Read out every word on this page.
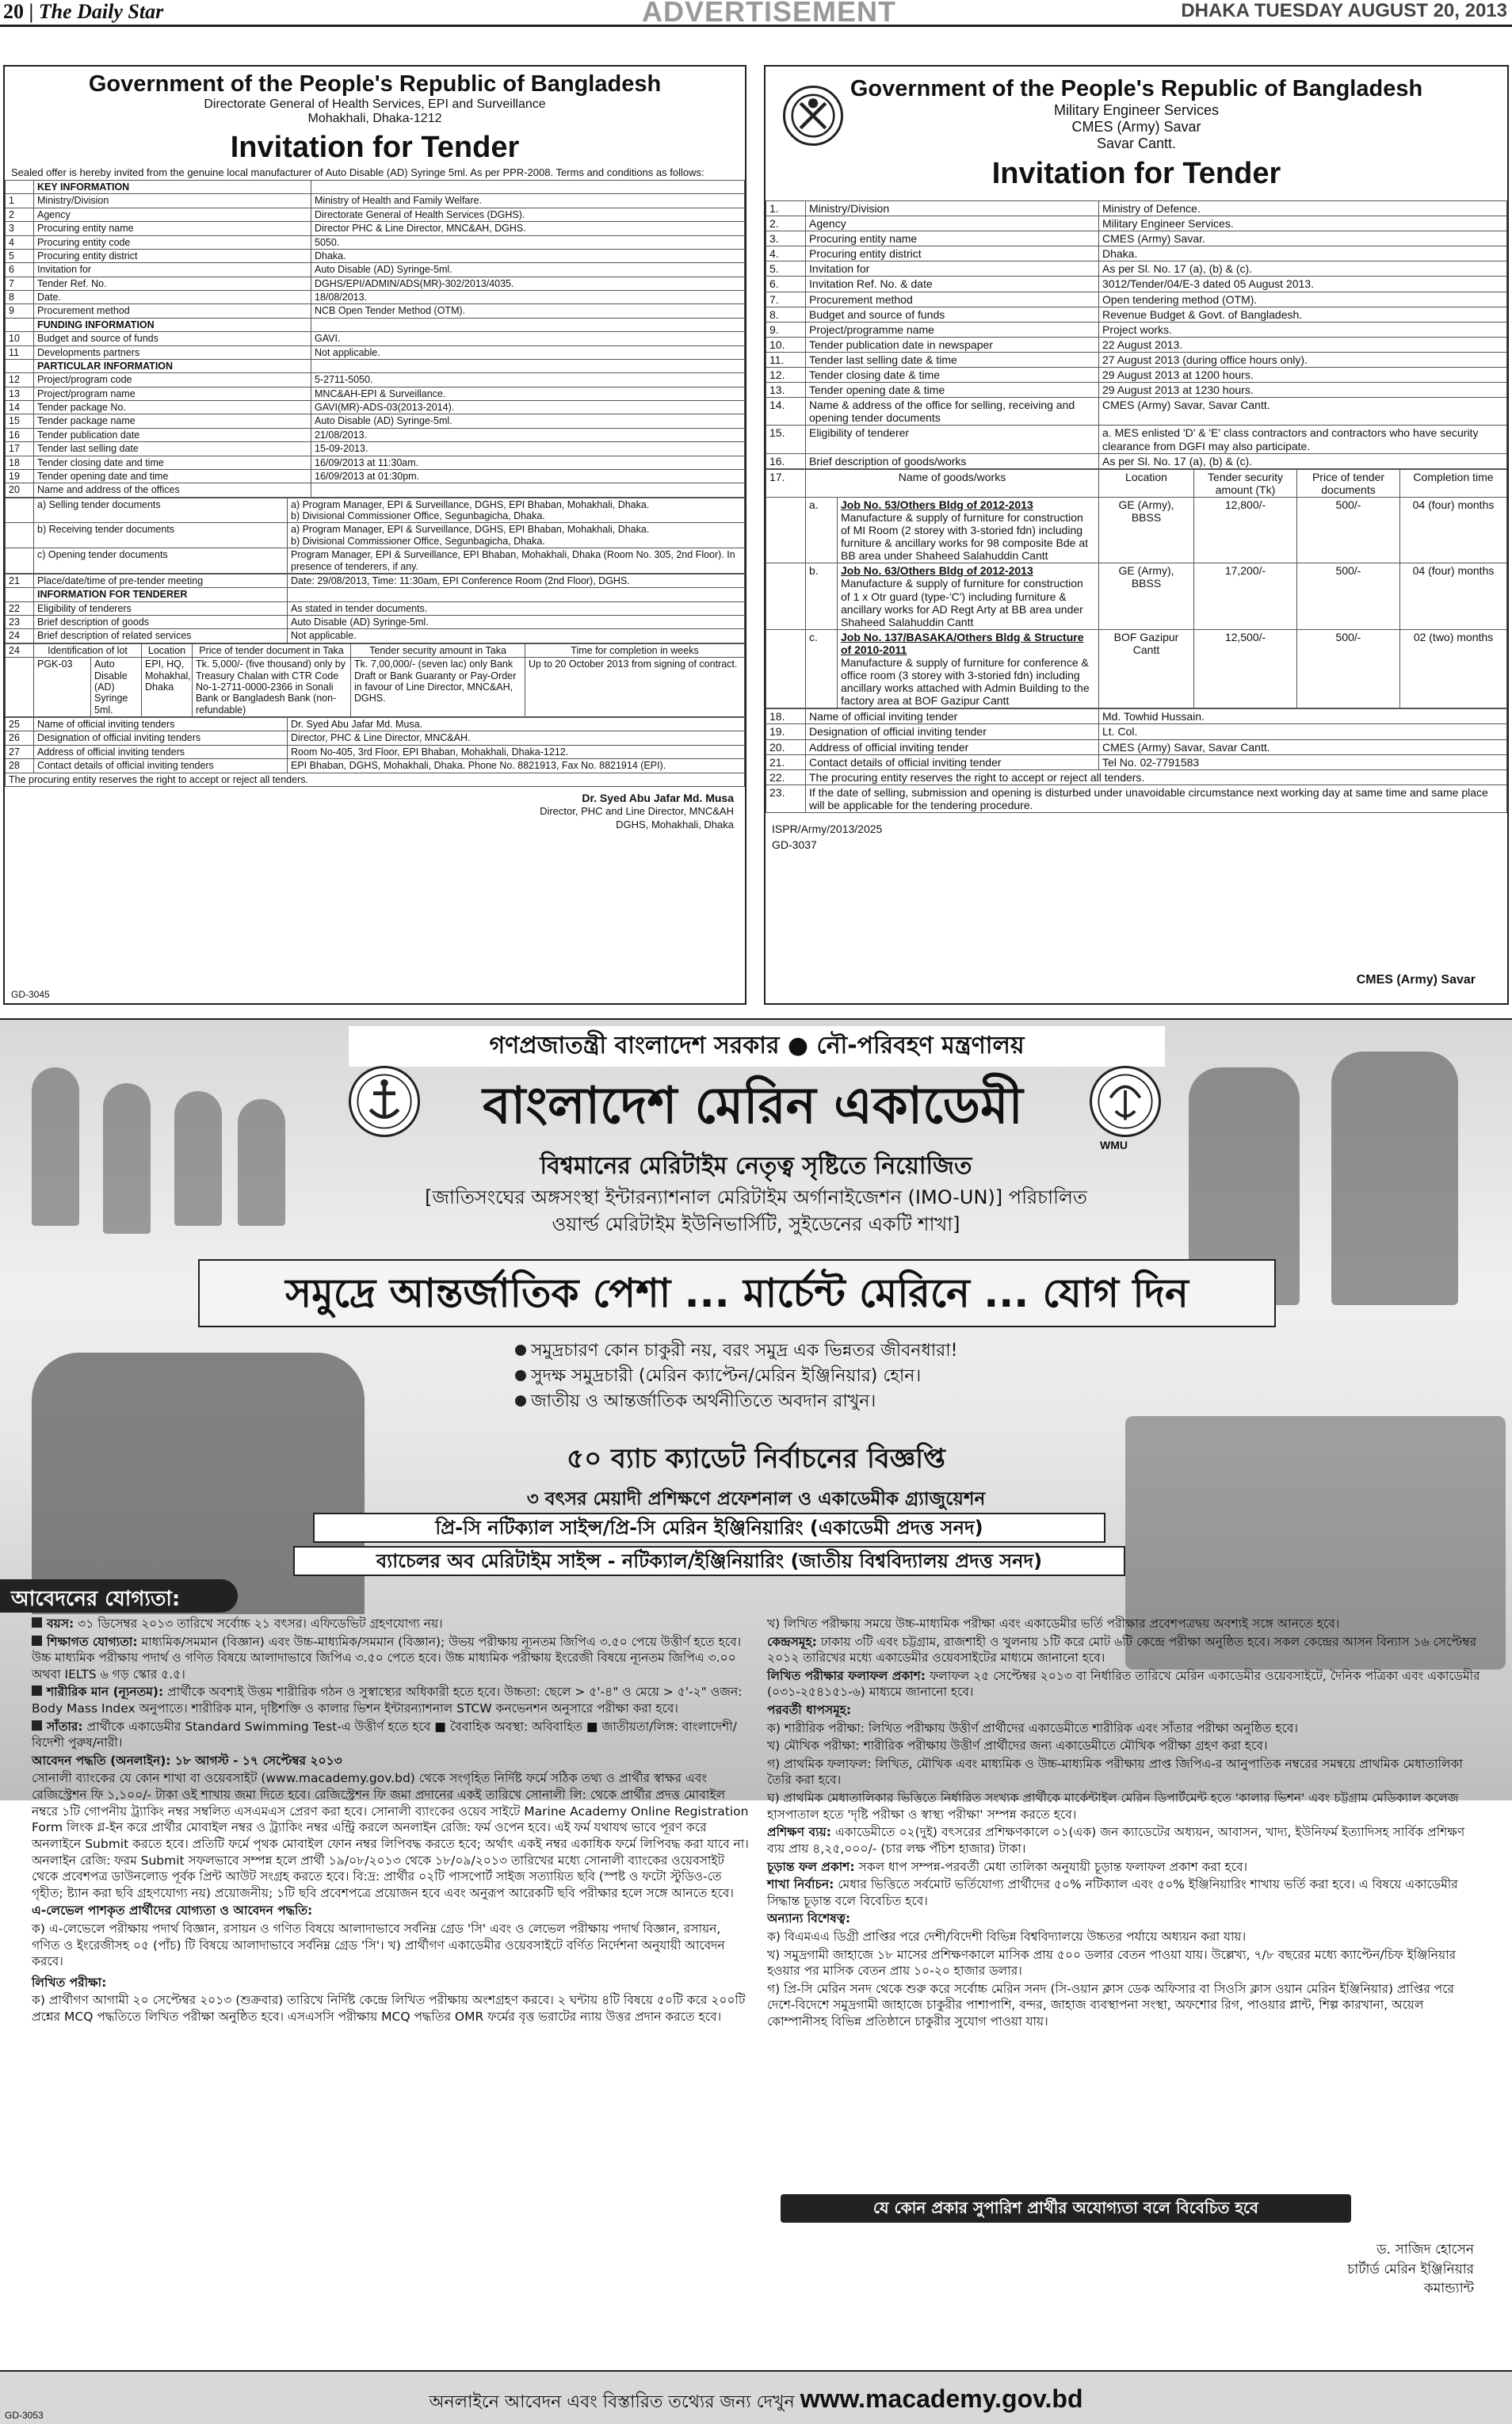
20 | The Daily Star	ADVERTISEMENT	DHAKA TUESDAY AUGUST 20, 2013
Government of the People's Republic of Bangladesh
Directorate General of Health Services, EPI and Surveillance
Mohakhali, Dhaka-1212
Invitation for Tender
Sealed offer is hereby invited from the genuine local manufacturer of Auto Disable (AD) Syringe 5ml. As per PPR-2008. Terms and conditions as follows:
	KEY INFORMATION	
1	Ministry/Division	Ministry of Health and Family Welfare.
2	Agency	Directorate General of Health Services (DGHS).
3	Procuring entity name	Director PHC & Line Director, MNC&AH, DGHS.
4	Procuring entity code	5050.
5	Procuring entity district	Dhaka.
6	Invitation for	Auto Disable (AD) Syringe-5ml.
7	Tender Ref. No.	DGHS/EPI/ADMIN/ADS(MR)-302/2013/4035.
8	Date.	18/08/2013.
9	Procurement method	NCB Open Tender Method (OTM).
	FUNDING INFORMATION	
10	Budget and source of funds	GAVI.
11	Developments partners	Not applicable.
	PARTICULAR INFORMATION	
12	Project/program code	5-2711-5050.
13	Project/program name	MNC&AH-EPI & Surveillance.
14	Tender package No.	GAVI(MR)-ADS-03(2013-2014).
15	Tender package name	Auto Disable (AD) Syringe-5ml.
16	Tender publication date	21/08/2013.
17	Tender last selling date	15-09-2013.
18	Tender closing date and time	16/09/2013 at 11:30am.
19	Tender opening date and time	16/09/2013 at 01:30pm.
20	Name and address of the offices	
	a) Selling tender documents	a) Program Manager, EPI & Surveillance, DGHS, EPI Bhaban, Mohakhali, Dhaka.
b) Divisional Commissioner Office, Segunbagicha, Dhaka.

	b) Receiving tender documents	a) Program Manager, EPI & Surveillance, DGHS, EPI Bhaban, Mohakhali, Dhaka.
b) Divisional Commissioner Office, Segunbagicha, Dhaka.

	c) Opening tender documents	Program Manager, EPI & Surveillance, EPI Bhaban, Mohakhali, Dhaka (Room No. 305, 2nd Floor). In presence of tenderers, if any.
21	Place/date/time of pre-tender meeting	Date: 29/08/2013, Time: 11:30am, EPI Conference Room (2nd Floor), DGHS.
	INFORMATION FOR TENDERER	
22	Eligibility of tenderers	As stated in tender documents.
23	Brief description of goods	Auto Disable (AD) Syringe-5ml.
24	Brief description of related services	Not applicable.
24	Identification of lot		Location	Price of tender document in Taka	Tender security amount in Taka	Time for completion in weeks
	PGK-03	Auto Disable (AD) Syringe 5ml.	EPI, HQ, Mohakhal, Dhaka	Tk. 5,000/- (five thousand) only by Treasury Chalan with CTR Code No-1-2711-0000-2366 in Sonali Bank or Bangladesh Bank (non-refundable)	Tk. 7,00,000/- (seven lac) only Bank Draft or Bank Guaranty or Pay-Order in favour of Line Director, MNC&AH, DGHS.	Up to 20 October 2013 from signing of contract.
25	Name of official inviting tenders	Dr. Syed Abu Jafar Md. Musa.
26	Designation of official inviting tenders	Director, PHC & Line Director, MNC&AH.
27	Address of official inviting tenders	Room No-405, 3rd Floor, EPI Bhaban, Mohakhali, Dhaka-1212.
28	Contact details of official inviting tenders	EPI Bhaban, DGHS, Mohakhali, Dhaka. Phone No. 8821913, Fax No. 8821914 (EPI).
The procuring entity reserves the right to accept or reject all tenders.		
Dr. Syed Abu Jafar Md. Musa
Director, PHC and Line Director, MNC&AH
DGHS, Mohakhali, Dhaka
GD-3045
Government of the People's Republic of Bangladesh
Military Engineer Services
CMES (Army) Savar
Savar Cantt.
Invitation for Tender
1.	Ministry/Division	Ministry of Defence.
2.	Agency	Military Engineer Services.
3.	Procuring entity name	CMES (Army) Savar.
4.	Procuring entity district	Dhaka.
5.	Invitation for	As per Sl. No. 17 (a), (b) & (c).
6.	Invitation Ref. No. & date	3012/Tender/04/E-3 dated 05 August 2013.
7.	Procurement method	Open tendering method (OTM).
8.	Budget and source of funds	Revenue Budget & Govt. of Bangladesh.
9.	Project/programme name	Project works.
10.	Tender publication date in newspaper	22 August 2013.
11.	Tender last selling date & time	27 August 2013 (during office hours only).
12.	Tender closing date & time	29 August 2013 at 1200 hours.
13.	Tender opening date & time	29 August 2013 at 1230 hours.
14.	Name & address of the office for selling, receiving and opening tender documents	CMES (Army) Savar, Savar Cantt.
15.	Eligibility of tenderer	a. MES enlisted 'D' & 'E' class contractors and contractors who have security clearance from DGFI may also participate.
16.	Brief description of goods/works	As per Sl. No. 17 (a), (b) & (c).
17.	Name of goods/works		Location	Tender security amount (Tk)	Price of tender documents	Completion time
	a.	Job No. 53/Others Bldg of 2012-2013
Manufacture & supply of furniture for construction of MI Room (2 storey with 3-storied fdn) including furniture & ancillary works for 98 composite Bde at BB area under Shaheed Salahuddin Cantt	GE (Army), BBSS	12,800/-	500/-	04 (four) months
	b.	Job No. 63/Others Bldg of 2012-2013
Manufacture & supply of furniture for construction of 1 x Otr guard (type-'C') including furniture & ancillary works for AD Regt Arty at BB area under Shaheed Salahuddin Cantt	GE (Army), BBSS	17,200/-	500/-	04 (four) months
	c.	Job No. 137/BASAKA/Others Bldg & Structure of 2010-2011
Manufacture & supply of furniture for conference & office room (3 storey with 3-storied fdn) including ancillary works attached with Admin Building to the factory area at BOF Gazipur Cantt	BOF Gazipur Cantt	12,500/-	500/-	02 (two) months
18.	Name of official inviting tender	Md. Towhid Hussain.
19.	Designation of official inviting tender	Lt. Col.
20.	Address of official inviting tender	CMES (Army) Savar, Savar Cantt.
21.	Contact details of official inviting tender	Tel No. 02-7791583
22.	The procuring entity reserves the right to accept or reject all tenders.	
23.	If the date of selling, submission and opening is disturbed under unavoidable circumstance next working day at same time and same place will be applicable for the tendering procedure.	
ISPR/Army/2013/2025
GD-3037
CMES (Army) Savar
গণপ্রজাতন্ত্রী বাংলাদেশ সরকার ● নৌ-পরিবহণ মন্ত্রণালয়
বাংলাদেশ মেরিন একাডেমী
WMU
বিশ্বমানের মেরিটাইম নেতৃত্ব সৃষ্টিতে নিয়োজিত
[জাতিসংঘের অঙ্গসংস্থা ইন্টারন্যাশনাল মেরিটাইম অর্গানাইজেশন (IMO-UN)] পরিচালিত
ওয়ার্ল্ড মেরিটাইম ইউনিভার্সিটি, সুইডেনের একটি শাখা]
সমুদ্রে আন্তর্জাতিক পেশা ... মার্চেন্ট মেরিনে ... যোগ দিন
সমুদ্রচারণ কোন চাকুরী নয়, বরং সমুদ্র এক ভিন্নতর জীবনধারা!
সুদক্ষ সমুদ্রচারী (মেরিন ক্যাপ্টেন/মেরিন ইঞ্জিনিয়ার) হোন।
জাতীয় ও আন্তর্জাতিক অর্থনীতিতে অবদান রাখুন।
৫০ ব্যাচ ক্যাডেট নির্বাচনের বিজ্ঞপ্তি
৩ বৎসর মেয়াদী প্রশিক্ষণে প্রফেশনাল ও একাডেমীক গ্র্যাজুয়েশন
প্রি-সি নটিক্যাল সাইন্স/প্রি-সি মেরিন ইঞ্জিনিয়ারিং (একাডেমী প্রদত্ত সনদ)
ব্যাচেলর অব মেরিটাইম সাইন্স - নটিক্যাল/ইঞ্জিনিয়ারিং (জাতীয় বিশ্ববিদ্যালয় প্রদত্ত সনদ)
আবেদনের যোগ্যতা:

বয়স: ৩১ ডিসেম্বর ২০১৩ তারিখে সর্বোচ্চ ২১ বৎসর। এফিডেভিট গ্রহণযোগ্য নয়।

শিক্ষাগত যোগ্যতা: মাধ্যমিক/সমমান (বিজ্ঞান) এবং উচ্চ-মাধ্যমিক/সমমান (বিজ্ঞান); উভয় পরীক্ষায় ন্যূনতম জিপিএ ৩.৫০ পেয়ে উত্তীর্ণ হতে হবে। উচ্চ মাধ্যমিক পরীক্ষায় পদার্থ ও গণিত বিষয়ে আলাদাভাবে জিপিএ ৩.৫০ পেতে হবে। উচ্চ মাধ্যমিক পরীক্ষায় ইংরেজী বিষয়ে ন্যূনতম জিপিএ ৩.০০ অথবা IELTS ৬ গড় স্কোর ৫.৫।

শারীরিক মান (ন্যূনতম): প্রার্থীকে অবশ্যই উত্তম শারীরিক গঠন ও সুস্বাস্থ্যের অধিকারী হতে হবে। উচ্চতা: ছেলে > ৫'-৪" ও মেয়ে > ৫'-২" ওজন: Body Mass Index অনুপাতে। শারীরিক মান, দৃষ্টিশক্তি ও কালার ভিশন ইন্টারন্যাশনাল STCW কনভেনশন অনুসারে পরীক্ষা করা হবে।

সাঁতার: প্রার্থীকে একাডেমীর Standard Swimming Test-এ উত্তীর্ণ হতে হবে ■ বৈবাহিক অবস্থা: অবিবাহিত ■ জাতীয়তা/লিঙ্গ: বাংলাদেশী/বিদেশী পুরুষ/নারী।

আবেদন পদ্ধতি (অনলাইন): ১৮ আগস্ট - ১৭ সেপ্টেম্বর ২০১৩

সোনালী ব্যাংকের যে কোন শাখা বা ওয়েবসাইট (www.macademy.gov.bd) থেকে সংগৃহিত নির্দিষ্ট ফর্মে সঠিক তথ্য ও প্রার্থীর স্বাক্ষর এবং রেজিস্ট্রেশন ফি ১,১০০/- টাকা ওই শাখায় জমা দিতে হবে। রেজিস্ট্রেশন ফি জমা প্রদানের একই তারিখে সোনালী লি: থেকে প্রার্থীর প্রদত্ত মোবাইল নম্বরে ১টি গোপনীয় ট্র্যাকিং নম্বর সম্বলিত এসএমএস প্রেরণ করা হবে। সোনালী ব্যাংকের ওয়েব সাইটে Marine Academy Online Registration Form লিংক গ্ল-ইন করে প্রার্থীর মোবাইল নম্বর ও ট্র্যাকিং নম্বর এন্ট্রি করলে অনলাইন রেজি: ফর্ম ওপেন হবে। এই ফর্ম যথাযথ ভাবে পূরণ করে অনলাইনে Submit করতে হবে। প্রতিটি ফর্মে পৃথক মোবাইল ফোন নম্বর লিপিবদ্ধ করতে হবে; অর্থাৎ একই নম্বর একাধিক ফর্মে লিপিবদ্ধ করা যাবে না। অনলাইন রেজি: ফরম Submit সফলভাবে সম্পন্ন হলে প্রার্থী ১৯/০৮/২০১৩ থেকে ১৮/০৯/২০১৩ তারিখের মধ্যে সোনালী ব্যাংকের ওয়েবসাইট থেকে প্রবেশপত্র ডাউনলোড পূর্বক প্রিন্ট আউট সংগ্রহ করতে হবে। বি:দ্র: প্রার্থীর ০২টি পাসপোর্ট সাইজ সত্যায়িত ছবি (স্পষ্ট ও ফটো স্টুডিও-তে গৃহীত; ষ্ট্যান করা ছবি গ্রহণযোগ্য নয়) প্রয়োজনীয়; ১টি ছবি প্রবেশপত্রে প্রয়োজন হবে এবং অনুরূপ আরেকটি ছবি পরীক্ষার হলে সঙ্গে আনতে হবে।

এ-লেভেল পাশকৃত প্রার্থীদের যোগ্যতা ও আবেদন পদ্ধতি:

ক) এ-লেভেলে পরীক্ষায় পদার্থ বিজ্ঞান, রসায়ন ও গণিত বিষয়ে আলাদাভাবে সর্বনিম্ন গ্রেড 'সি' এবং ও লেভেল পরীক্ষায় পদার্থ বিজ্ঞান, রসায়ন, গণিত ও ইংরেজীসহ ০৫ (পাঁচ) টি বিষয়ে আলাদাভাবে সর্বনিম্ন গ্রেড 'সি'। খ) প্রার্থীগণ একাডেমীর ওয়েবসাইটে বর্ণিত নির্দেশনা অনুযায়ী আবেদন করবে।

লিখিত পরীক্ষা:

ক) প্রার্থীগণ আগামী ২০ সেপ্টেম্বর ২০১৩ (শুক্রবার) তারিখে নির্দিষ্ট কেন্দ্রে লিখিত পরীক্ষায় অংশগ্রহণ করবে। ২ ঘন্টায় ৪টি বিষয়ে ৫০টি করে ২০০টি প্রশ্নের MCQ পদ্ধতিতে লিখিত পরীক্ষা অনুষ্ঠিত হবে। এসএসসি পরীক্ষায় MCQ পদ্ধতির OMR ফর্মের বৃত্ত ভরাটের ন্যায় উত্তর প্রদান করতে হবে।

খ) লিখিত পরীক্ষায় সময়ে উচ্চ-মাধ্যমিক পরীক্ষা এবং একাডেমীর ভর্তি পরীক্ষার প্রবেশপত্রদ্বয় অবশ্যই সঙ্গে আনতে হবে।

কেন্দ্রসমূহ: ঢাকায় ৩টি এবং চট্টগ্রাম, রাজশাহী ও খুলনায় ১টি করে মোট ৬টি কেন্দ্রে পরীক্ষা অনুষ্ঠিত হবে। সকল কেন্দ্রের আসন বিন্যাস ১৬ সেপ্টেম্বর ২০১২ তারিখের মধ্যে একাডেমীর ওয়েবসাইটের মাধ্যমে জানানো হবে।

লিখিত পরীক্ষার ফলাফল প্রকাশ: ফলাফল ২৫ সেপ্টেম্বর ২০১৩ বা নির্ধারিত তারিখে মেরিন একাডেমীর ওয়েবসাইটে, দৈনিক পত্রিকা এবং একাডেমীর (০৩১-২৫৪১৫১-৬) মাধ্যমে জানানো হবে।

পরবর্তী ধাপসমূহ:

ক) শারীরিক পরীক্ষা: লিখিত পরীক্ষায় উত্তীর্ণ প্রার্থীদের একাডেমীতে শারীরিক এবং সাঁতার পরীক্ষা অনুষ্ঠিত হবে।

খ) মৌখিক পরীক্ষা: শারীরিক পরীক্ষায় উত্তীর্ণ প্রার্থীদের জন্য একাডেমীতে মৌখিক পরীক্ষা গ্রহণ করা হবে।

গ) প্রাথমিক ফলাফল: লিখিত, মৌখিক এবং মাধ্যমিক ও উচ্চ-মাধ্যমিক পরীক্ষায় প্রাপ্ত জিপিএ-র আনুপাতিক নম্বরের সমন্বয়ে প্রাথমিক মেধাতালিকা তৈরি করা হবে।

ঘ) প্রাথমিক মেধাতালিকার ভিত্তিতে নির্ধারিত সংখ্যক প্রার্থীকে মার্কেন্টাইল মেরিন ডিপার্টমেন্ট হতে 'কালার ভিশন' এবং চট্টগ্রাম মেডিক্যাল কলেজ হাসপাতাল হতে 'দৃষ্টি পরীক্ষা ও স্বাস্থ্য পরীক্ষা' সম্পন্ন করতে হবে।

প্রশিক্ষণ ব্যয়: একাডেমীতে ০২(দুই) বৎসরের প্রশিক্ষণকালে ০১(এক) জন ক্যাডেটের অধ্যয়ন, আবাসন, খাদ্য, ইউনিফর্ম ইত্যাদিসহ সার্বিক প্রশিক্ষণ ব্যয় প্রায় ৪,২৫,০০০/- (চার লক্ষ পঁচিশ হাজার) টাকা।

চূড়ান্ত ফল প্রকাশ: সকল ধাপ সম্পন্ন-পরবর্তী মেধা তালিকা অনুযায়ী চূড়ান্ত ফলাফল প্রকাশ করা হবে।

শাখা নির্বাচন: মেধার ভিত্তিতে সর্বমোট ভর্তিযোগ্য প্রার্থীদের ৫০% নটিক্যাল এবং ৫০% ইঞ্জিনিয়ারিং শাখায় ভর্তি করা হবে। এ বিষয়ে একাডেমীর সিদ্ধান্ত চূড়ান্ত বলে বিবেচিত হবে।

অন্যান্য বিশেষত্ব:

ক) বিএমএএ ডিগ্রী প্রাপ্তির পরে দেশী/বিদেশী বিভিন্ন বিশ্ববিদ্যালয়ে উচ্চতর পর্যায়ে অধ্যয়ন করা যায়।

খ) সমুদ্রগামী জাহাজে ১৮ মাসের প্রশিক্ষণকালে মাসিক প্রায় ৫০০ ডলার বেতন পাওয়া যায়। উল্লেখ্য, ৭/৮ বছরের মধ্যে ক্যাপ্টেন/চিফ ইঞ্জিনিয়ার হওয়ার পর মাসিক বেতন প্রায় ১০-২০ হাজার ডলার।

গ) প্রি-সি মেরিন সনদ থেকে শুরু করে সর্বোচ্চ মেরিন সনদ (সি-ওয়ান ক্লাস ডেক অফিসার বা সিওসি ক্লাস ওয়ান মেরিন ইঞ্জিনিয়ার) প্রাপ্তির পরে দেশে-বিদেশে সমুদ্রগামী জাহাজে চাকুরীর পাশাপাশি, বন্দর, জাহাজ ব্যবস্থাপনা সংস্থা, অফশোর রিগ, পাওয়ার প্লান্ট, শিল্প কারখানা, অয়েল কোম্পানীসহ বিভিন্ন প্রতিষ্ঠানে চাকুরীর সুযোগ পাওয়া যায়।

যে কোন প্রকার সুপারিশ প্রার্থীর অযোগ্যতা বলে বিবেচিত হবে
ড. সাজিদ হোসেন
চার্টার্ড মেরিন ইঞ্জিনিয়ার
কমান্ড্যান্ট
অনলাইনে আবেদন এবং বিস্তারিত তথ্যের জন্য দেখুন www.macademy.gov.bd
GD-3053
